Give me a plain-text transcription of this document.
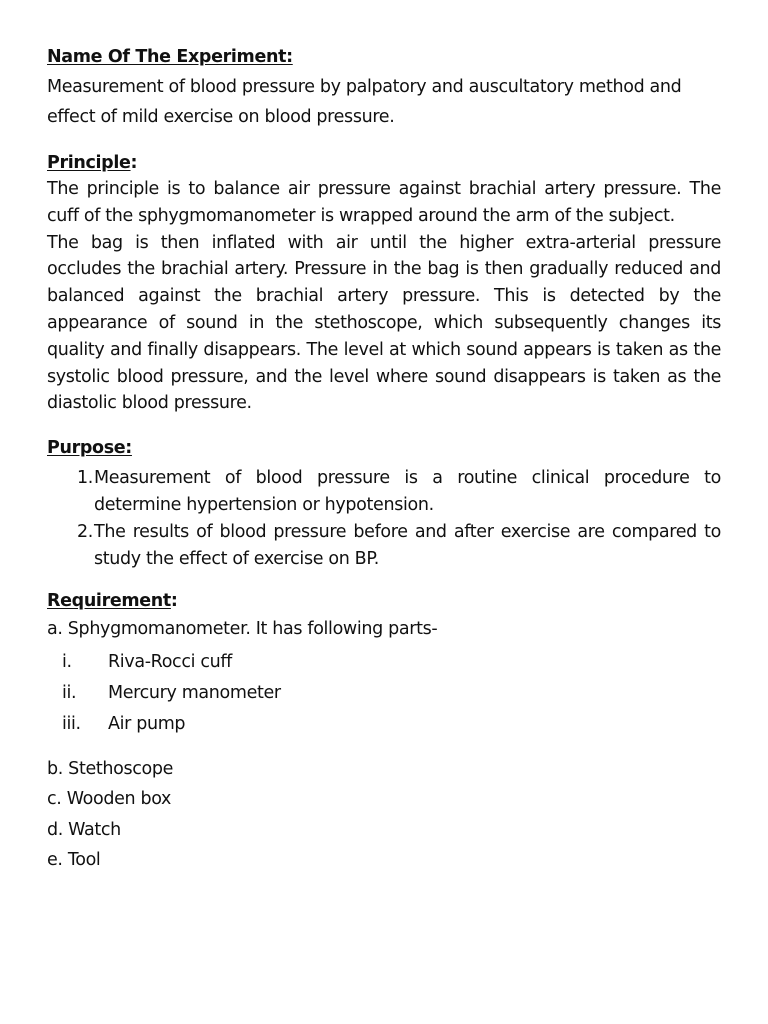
Name Of The Experiment:
Measurement of blood pressure by palpatory and auscultatory method and effect of mild exercise on blood pressure.
Principle:
The principle is to balance air pressure against brachial artery pressure. The cuff of the sphygmomanometer is wrapped around the arm of the subject.
The bag is then inflated with air until the higher extra-arterial pressure occludes the brachial artery. Pressure in the bag is then gradually reduced and balanced against the brachial artery pressure. This is detected by the appearance of sound in the stethoscope, which subsequently changes its quality and finally disappears. The level at which sound appears is taken as the systolic blood pressure, and the level where sound disappears is taken as the diastolic blood pressure.
Purpose:
1. Measurement of blood pressure is a routine clinical procedure to determine hypertension or hypotension.
2. The results of blood pressure before and after exercise are compared to study the effect of exercise on BP.
Requirement:
a. Sphygmomanometer. It has following parts-
i.	Riva-Rocci cuff
ii.	Mercury manometer
iii.	Air pump
b. Stethoscope
c. Wooden box
d. Watch
e. Tool
